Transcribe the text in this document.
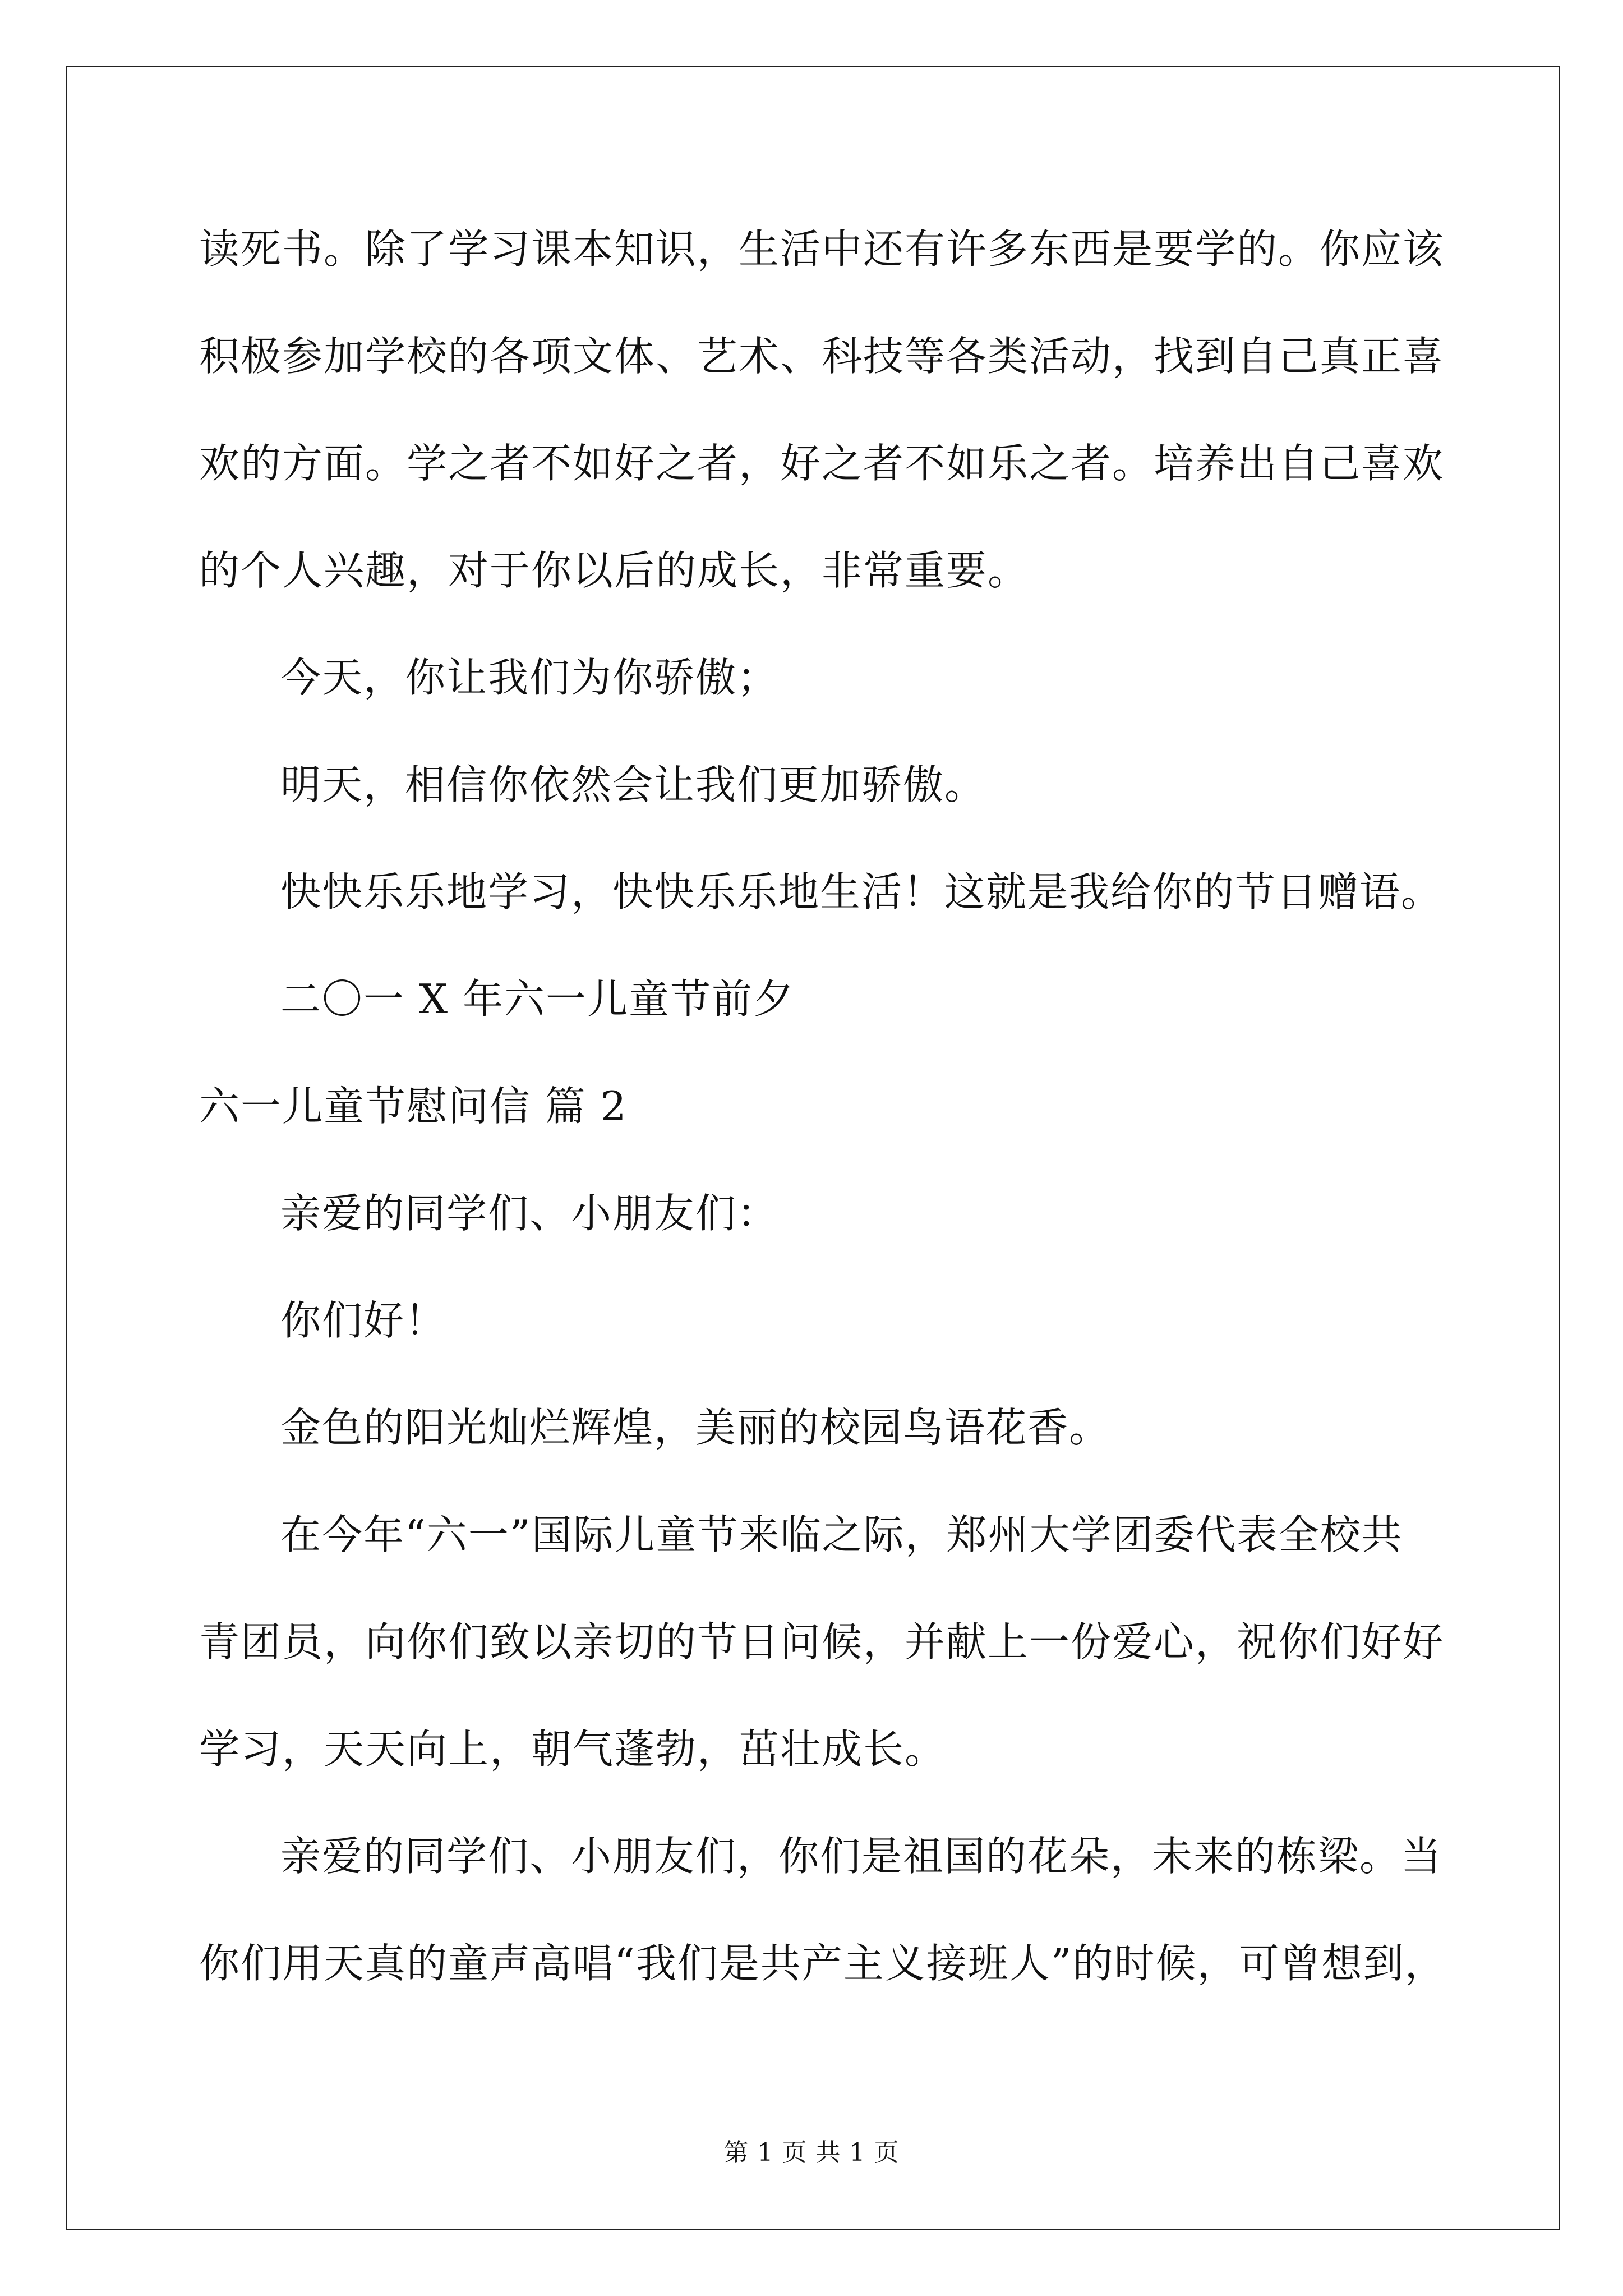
读死书。除了学习课本知识，生活中还有许多东西是要学的。你应该
积极参加学校的各项文体、艺术、科技等各类活动，找到自己真正喜
欢的方面。学之者不如好之者，好之者不如乐之者。培养出自己喜欢
的个人兴趣，对于你以后的成长，非常重要。
今天，你让我们为你骄傲；
明天，相信你依然会让我们更加骄傲。
快快乐乐地学习，快快乐乐地生活！这就是我给你的节日赠语。
二〇一 X 年六一儿童节前夕
六一儿童节慰问信 篇 2
亲爱的同学们、小朋友们：
你们好！
金色的阳光灿烂辉煌，美丽的校园鸟语花香。
在今年“六一”国际儿童节来临之际，郑州大学团委代表全校共
青团员，向你们致以亲切的节日问候，并献上一份爱心，祝你们好好
学习，天天向上，朝气蓬勃，茁壮成长。
亲爱的同学们、小朋友们，你们是祖国的花朵，未来的栋梁。当
你们用天真的童声高唱“我们是共产主义接班人”的时候，可曾想到，
第 1 页 共 1 页
